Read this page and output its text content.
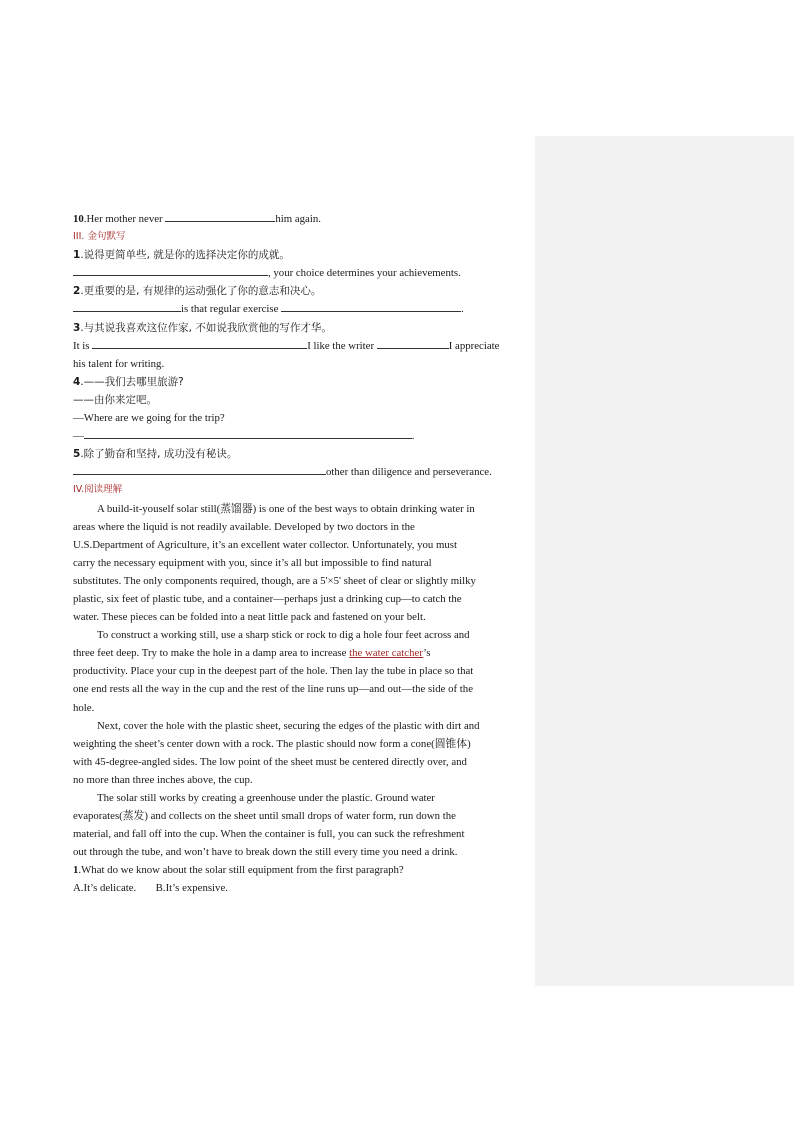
10.Her mother never	him again.
III. 金句默写
1.说得更简单些, 就是你的选择决定你的成就。
, your choice determines your achievements.
2.更重要的是, 有规律的运动强化了你的意志和决心。
is that regular exercise	.
3.与其说我喜欢这位作家, 不如说我欣赏他的写作才华。
It is	I like the writer	I appreciate
his talent for writing.
4.——我们去哪里旅游?
——由你来定吧。
—Where are we going for the trip?
—	.
5.除了勤奋和坚持, 成功没有秘诀。
other than diligence and perseverance.
IV.阅读理解
A build-it-youself solar still(蒸馏器) is one of the best ways to obtain drinking water in
areas where the liquid is not readily available. Developed by two doctors in the
U.S.Department of Agriculture, it’s an excellent water collector. Unfortunately, you must
carry the necessary equipment with you, since it’s all but impossible to find natural
substitutes. The only components required, though, are a 5'×5' sheet of clear or slightly milky
plastic, six feet of plastic tube, and a container—perhaps just a drinking cup—to catch the
water. These pieces can be folded into a neat little pack and fastened on your belt.
To construct a working still, use a sharp stick or rock to dig a hole four feet across and
three feet deep. Try to make the hole in a damp area to increase the water catcher’s
productivity. Place your cup in the deepest part of the hole. Then lay the tube in place so that
one end rests all the way in the cup and the rest of the line runs up—and out—the side of the
hole.
Next, cover the hole with the plastic sheet, securing the edges of the plastic with dirt and
weighting the sheet’s center down with a rock. The plastic should now form a cone(圆锥体)
with 45-degree-angled sides. The low point of the sheet must be centered directly over, and
no more than three inches above, the cup.
The solar still works by creating a greenhouse under the plastic. Ground water
evaporates(蒸发) and collects on the sheet until small drops of water form, run down the
material, and fall off into the cup. When the container is full, you can suck the refreshment
out through the tube, and won’t have to break down the still every time you need a drink.
1.What do we know about the solar still equipment from the first paragraph?
A.It’s delicate. B.It’s expensive.
